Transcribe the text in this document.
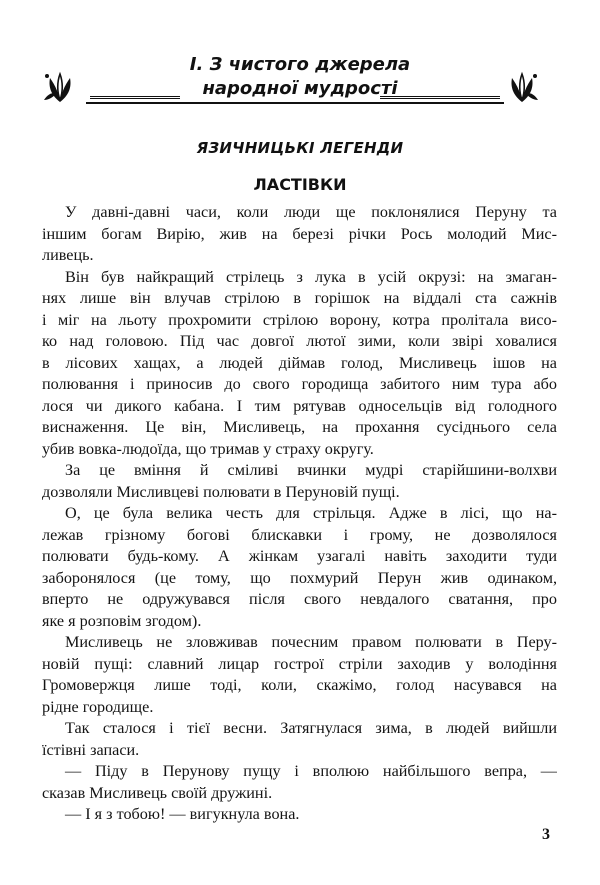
I. З чистого джерела
народної мудрості
ЯЗИЧНИЦЬКІ ЛЕГЕНДИ
ЛАСТІВКИ
У давні-давні часи, коли люди ще поклонялися Перуну та
іншим богам Вирію, жив на березі річки Рось молодий Мис-
ливець.
Він був найкращий стрілець з лука в усій окрузі: на змаган-
нях лише він влучав стрілою в горішок на віддалі ста сажнів
і міг на льоту прохромити стрілою ворону, котра пролітала висо-
ко над головою. Під час довгої лютої зими, коли звірі ховалися
в лісових хащах, а людей діймав голод, Мисливець ішов на
полювання і приносив до свого городища забитого ним тура або
лося чи дикого кабана. І тим рятував односельців від голодного
виснаження. Це він, Мисливець, на прохання сусіднього села
убив вовка-людоїда, що тримав у страху округу.
За це вміння й сміливі вчинки мудрі старійшини-волхви
дозволяли Мисливцеві полювати в Перуновій пущі.
О, це була велика честь для стрільця. Адже в лісі, що на-
лежав грізному богові блискавки і грому, не дозволялося
полювати будь-кому. А жінкам узагалі навіть заходити туди
заборонялося (це тому, що похмурий Перун жив одинаком,
вперто не одружувався після свого невдалого сватання, про
яке я розповім згодом).
Мисливець не зловживав почесним правом полювати в Перу-
новій пущі: славний лицар гострої стріли заходив у володіння
Громовержця лише тоді, коли, скажімо, голод насувався на
рідне городище.
Так сталося і тієї весни. Затягнулася зима, в людей вийшли
їстівні запаси.
— Піду в Перунову пущу і вполюю найбільшого вепра, —
сказав Мисливець своїй дружині.
— І я з тобою! — вигукнула вона.
3
